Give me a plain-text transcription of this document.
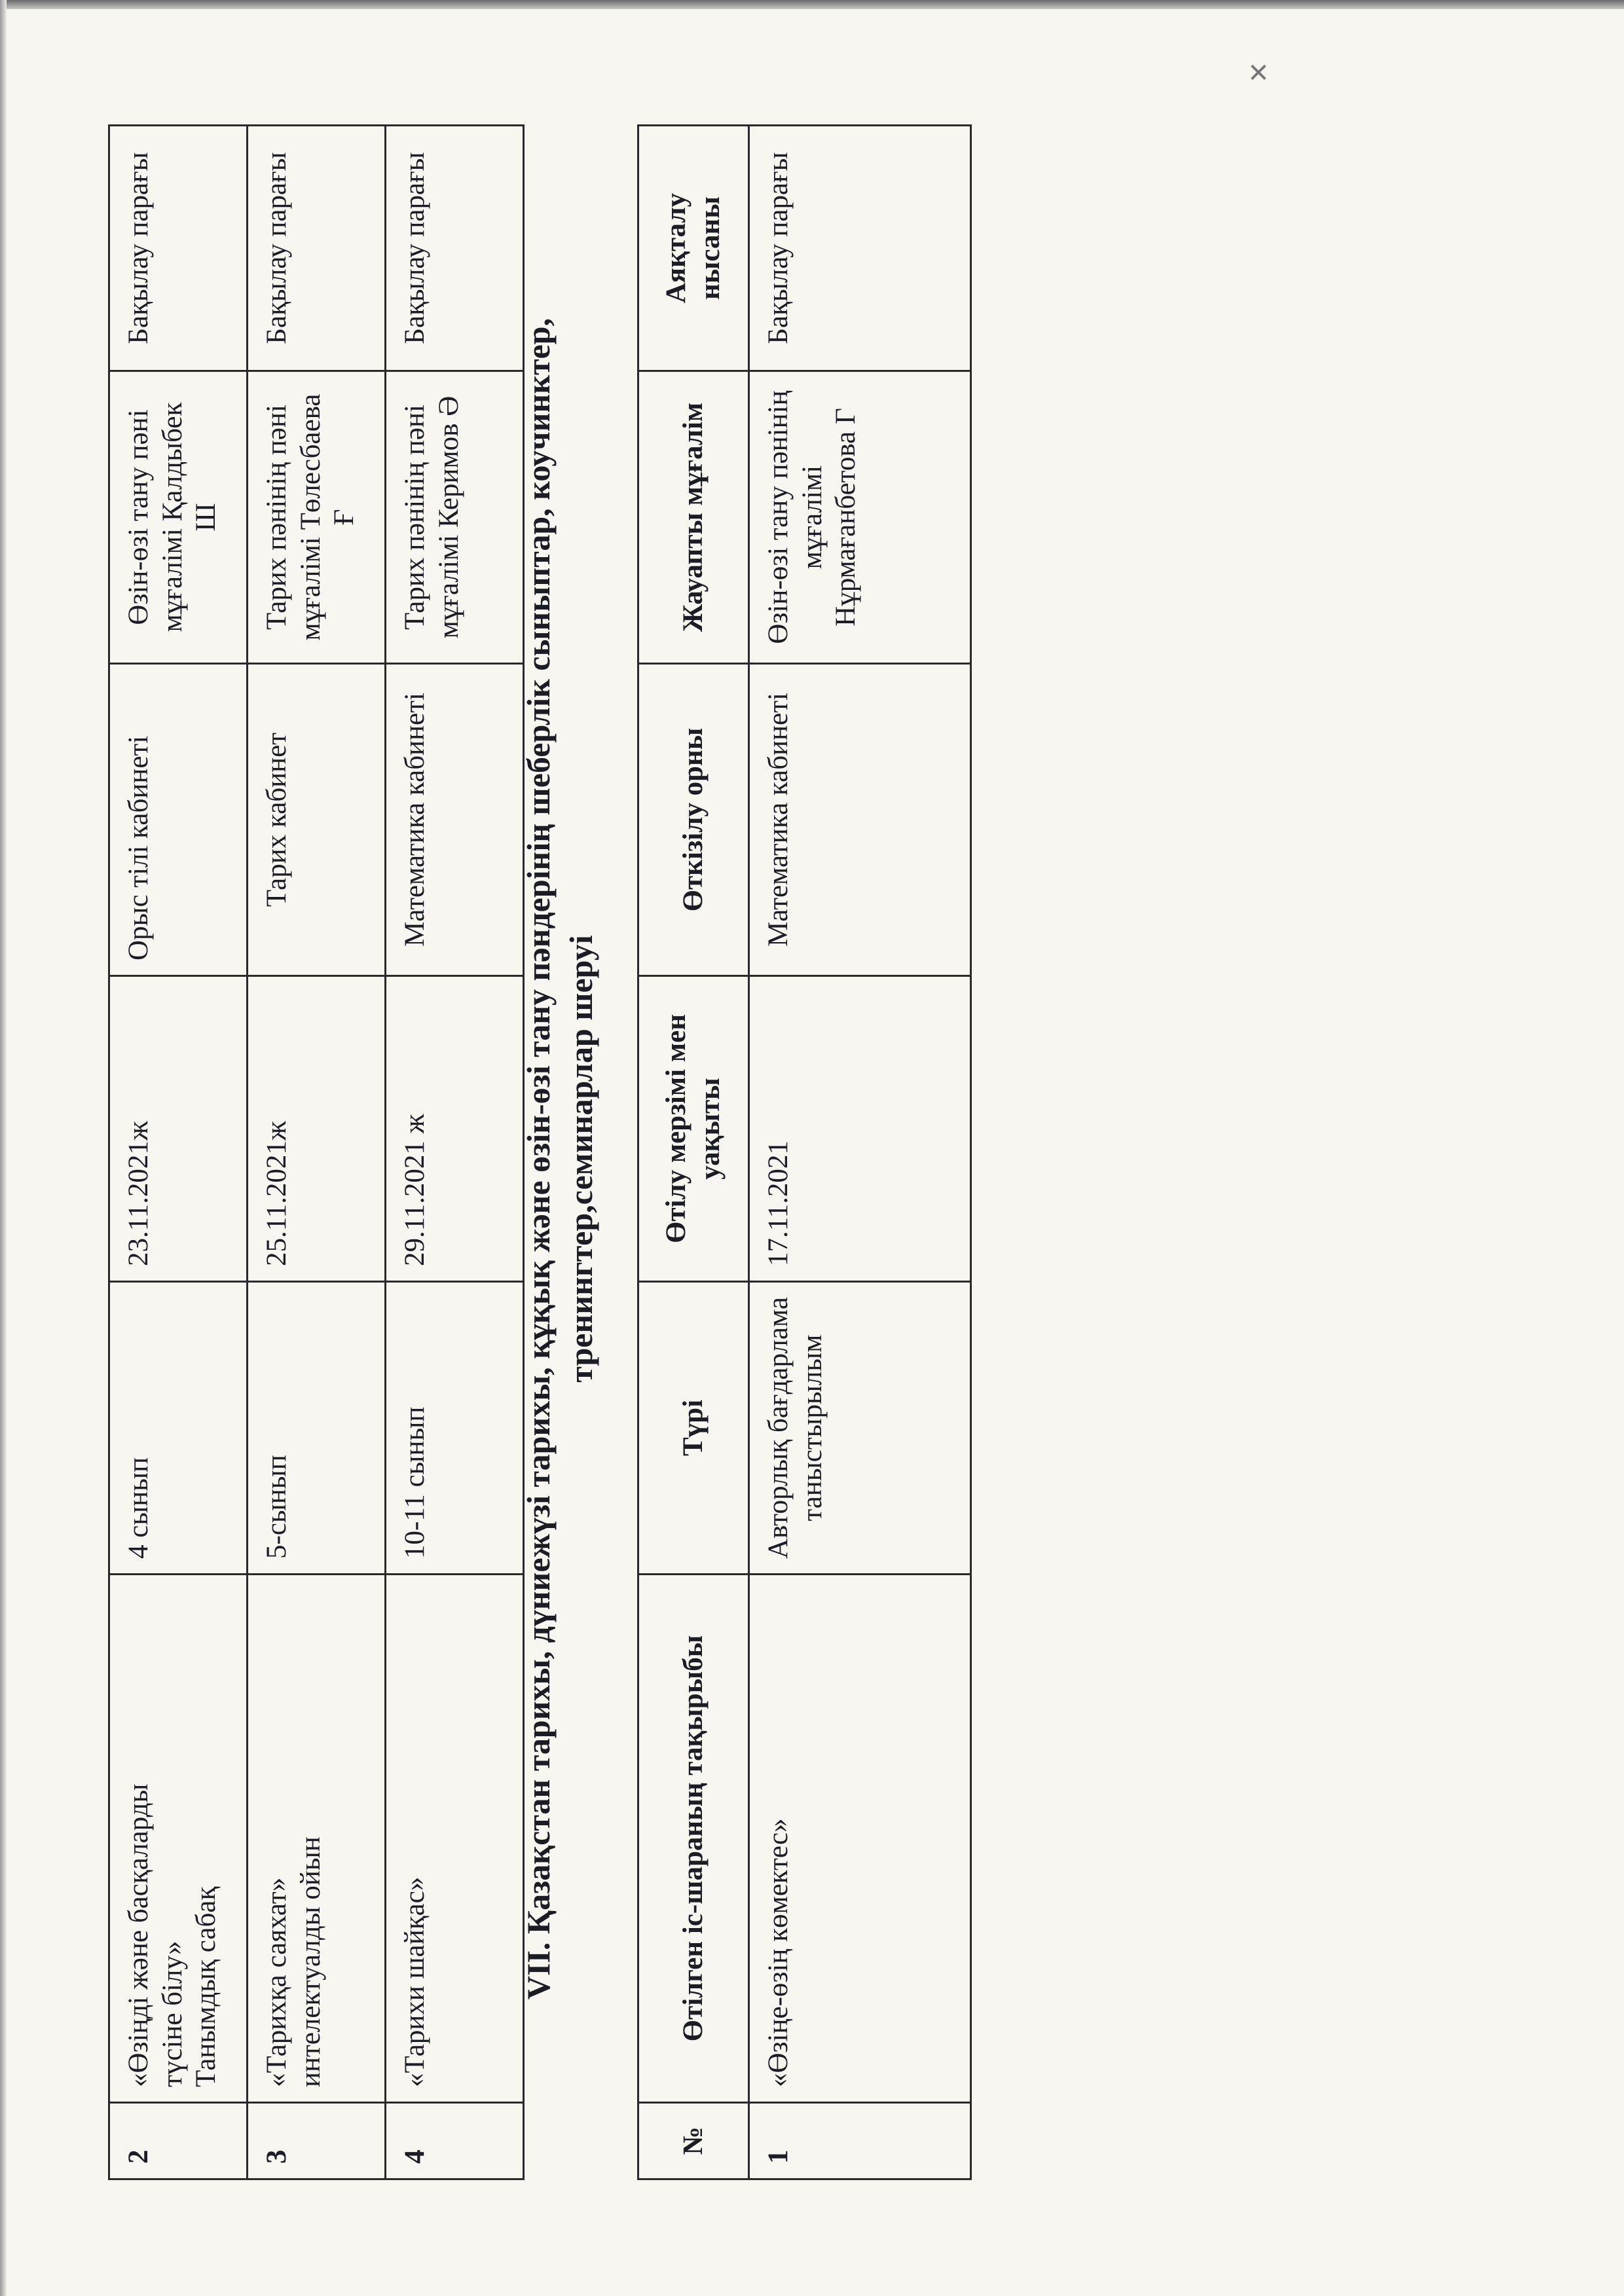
2	«Өзіңді және басқаларды түсіне білу» Танымдық сабақ	4 сынып	23.11.2021ж	Орыс тілі кабинеті	Өзін-өзі тану пәні мұғалімі Қалдыбек Ш	Бақылау парағы
3	«Тарихқа саяхат» интелектуалды ойын	5-сынып	25.11.2021ж	Тарих кабинет	Тарих пәнінің пәні мұғалімі Төлесбаева Ғ	Бақылау парағы
4	«Тарихи шайқас»	10-11 сынып	29.11.2021 ж	Математика кабинеті	Тарих пәнінің пәні мұғалімі Керимов Ә	Бақылау парағы
VII. Қазақстан тарихы, дүниежүзі тарихы, құқық және өзін-өзі тану пәндерінің шеберлік сыныптар, коучинктер, тренингтер,семинарлар шеруі
№	Өтілген іс-шараның тақырыбы	Түрі	Өтілу мерзімі мен уақыты	Өткізілу орны	Жауапты мұғалім	Аяқталу нысаны
1	«Өзіңе-өзің көмектес»	Авторлық бағдарлама таныстырылым	17.11.2021	Математика кабинеті	Өзін-өзі тану пәнінің мұғалімі Нұрмағанбетова Г	Бақылау парағы
✕
